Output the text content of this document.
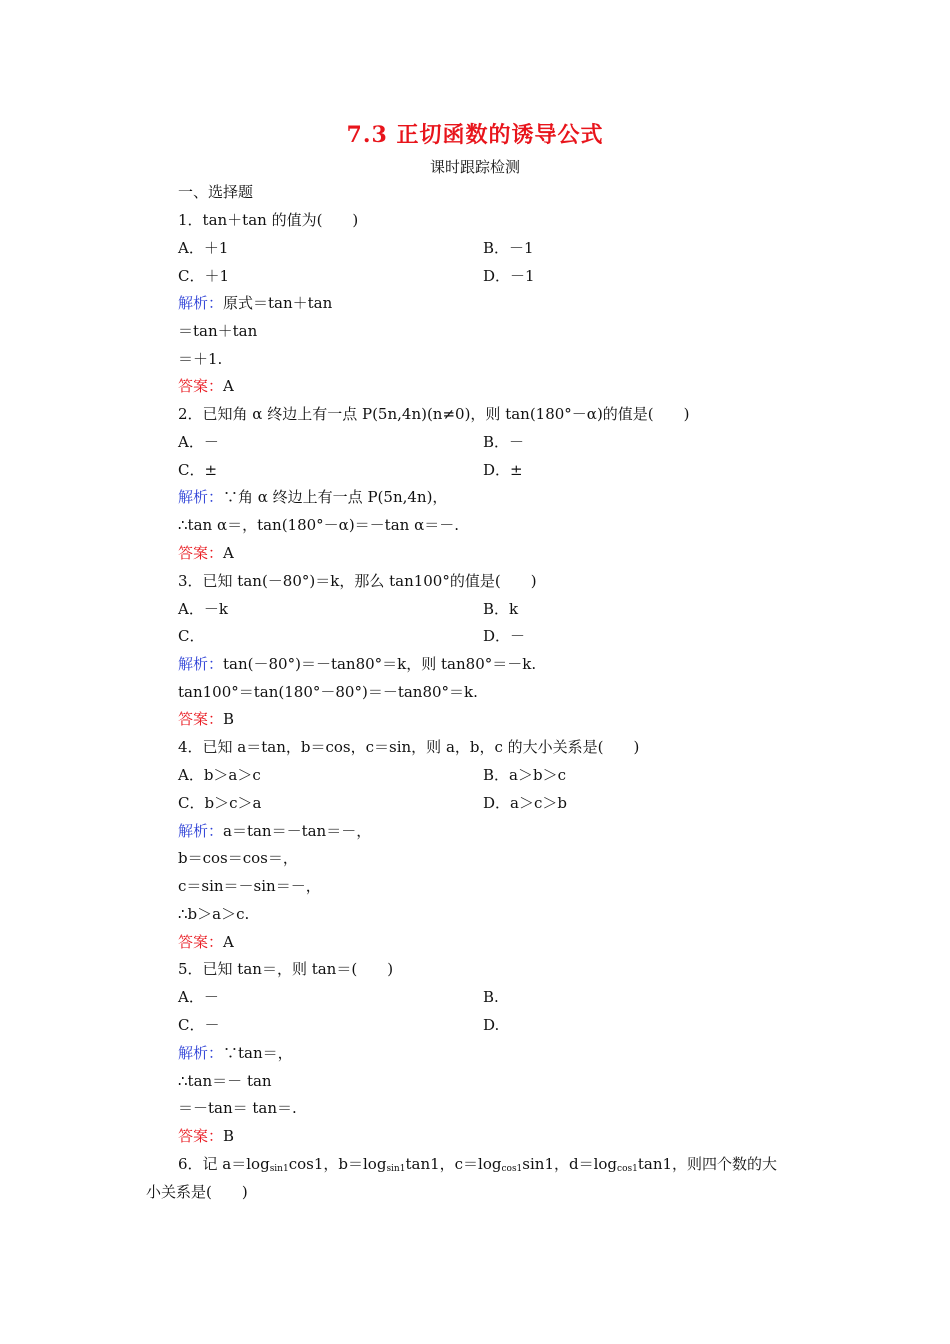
7.3 正切函数的诱导公式
课时跟踪检测
一、选择题
1．tan＋tan 的值为(　　)
A．＋1	B．－1
C．＋1	D．－1
解析：原式＝tan＋tan
＝tan＋tan
＝＋1.
答案：A
2．已知角 α 终边上有一点 P(5n,4n)(n≠0)，则 tan(180°－α)的值是(　　)
A．－	B．－
C．±	D．±
解析：∵角 α 终边上有一点 P(5n,4n)，
∴tan α＝，tan(180°－α)＝－tan α＝－.
答案：A
3．已知 tan(－80°)＝k，那么 tan100°的值是(　　)
A．－k	B．k
C．	D．－
解析：tan(－80°)＝－tan80°＝k，则 tan80°＝－k.
tan100°＝tan(180°－80°)＝－tan80°＝k.
答案：B
4．已知 a＝tan，b＝cos，c＝sin，则 a，b，c 的大小关系是(　　)
A．b＞a＞c	B．a＞b＞c
C．b＞c＞a	D．a＞c＞b
解析：a＝tan＝－tan＝－，
b＝cos＝cos＝，
c＝sin＝－sin＝－，
∴b＞a＞c.
答案：A
5．已知 tan＝，则 tan＝(　　)
A．－	B.
C．－	D.
解析：∵tan＝，
∴tan＝－ tan
＝－tan＝ tan＝.
答案：B
6．记 $a=\log_{sin1}\cos 1$，$b=\log_{sin1}\tan 1$，$c=\log_{cos1}\sin 1$，$d=\log_{cos1}\tan 1$，则四个数的大
小关系是(　　)
